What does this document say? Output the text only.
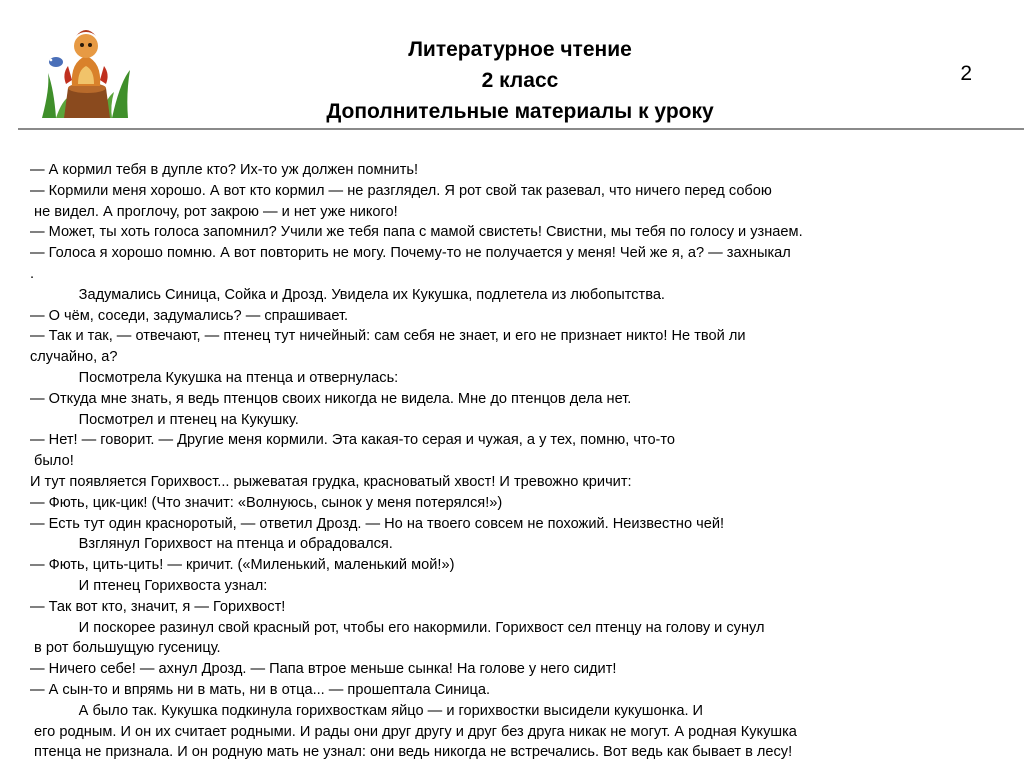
Литературное чтение
2 класс
Дополнительные материалы к уроку
2
— А кормил тебя в дупле кто? Их-то уж должен помнить!
— Кормили меня хорошо. А вот кто кормил — не разглядел. Я рот свой так разевал, что ничего перед собою
не видел. А проглочу, рот закрою — и нет уже никого!
— Может, ты хоть голоса запомнил? Учили же тебя папа с мамой свистеть! Свистни, мы тебя по голосу и узнаем.
— Голоса я хорошо помню. А вот повторить не могу. Почему-то не получается у меня! Чей же я, а? — захныкал
.
Задумались Синица, Сойка и Дрозд. Увидела их Кукушка, подлетела из любопытства.
— О чём, соседи, задумались? — спрашивает.
— Так и так, — отвечают, — птенец тут ничейный: сам себя не знает, и его не признает никто! Не твой ли
случайно, а?
Посмотрела Кукушка на птенца и отвернулась:
— Откуда мне знать, я ведь птенцов своих никогда не видела. Мне до птенцов дела нет.
Посмотрел и птенец на Кукушку.
— Нет! — говорит. — Другие меня кормили. Эта какая-то серая и чужая, а у тех, помню, что-то
было!
И тут появляется Горихвост... рыжеватая грудка, красноватый хвост! И тревожно кричит:
— Фють, цик-цик! (Что значит: «Волнуюсь, сынок у меня потерялся!»)
— Есть тут один красноротый, — ответил Дрозд. — Но на твоего совсем не похожий. Неизвестно чей!
Взглянул Горихвост на птенца и обрадовался.
— Фють, цить-цить! — кричит. («Миленький, маленький мой!»)
И птенец Горихвоста узнал:
— Так вот кто, значит, я — Горихвост!
И поскорее разинул свой красный рот, чтобы его накормили. Горихвост сел птенцу на голову и сунул
в рот большущую гусеницу.
— Ничего себе! — ахнул Дрозд. — Папа втрое меньше сынка! На голове у него сидит!
— А сын-то и впрямь ни в мать, ни в отца... — прошептала Синица.
А было так. Кукушка подкинула горихвосткам яйцо — и горихвостки высидели кукушонка. И
его родным. И он их считает родными. И рады они друг другу и друг без друга никак не могут. А родная Кукушка
птенца не признала. И он родную мать не узнал: они ведь никогда не встречались. Вот ведь как бывает в лесу!
